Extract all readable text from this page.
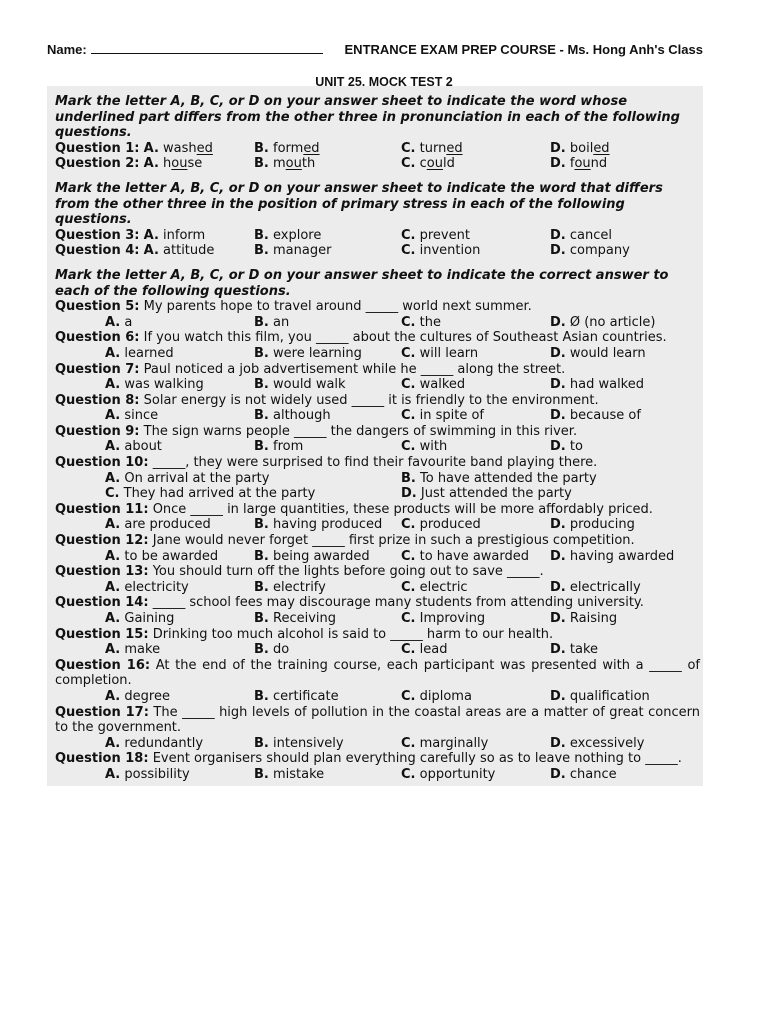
Name:	ENTRANCE EXAM PREP COURSE - Ms. Hong Anh's Class
UNIT 25. MOCK TEST 2
Mark the letter A, B, C, or D on your answer sheet to indicate the word whose underlined part differs from the other three in pronunciation in each of the following questions.
Question 1: A. washed	B. formed	C. turned	D. boiled
Question 2: A. house	B. mouth	C. could	D. found
Mark the letter A, B, C, or D on your answer sheet to indicate the word that differs from the other three in the position of primary stress in each of the following questions.
Question 3: A. inform	B. explore	C. prevent	D. cancel
Question 4: A. attitude	B. manager	C. invention	D. company
Mark the letter A, B, C, or D on your answer sheet to indicate the correct answer to each of the following questions.
Question 5: My parents hope to travel around _____ world next summer.
A. a	B. an	C. the	D. Ø (no article)
Question 6: If you watch this film, you _____ about the cultures of Southeast Asian countries.
A. learned	B. were learning	C. will learn	D. would learn
Question 7: Paul noticed a job advertisement while he _____ along the street.
A. was walking	B. would walk	C. walked	D. had walked
Question 8: Solar energy is not widely used _____ it is friendly to the environment.
A. since	B. although	C. in spite of	D. because of
Question 9: The sign warns people _____ the dangers of swimming in this river.
A. about	B. from	C. with	D. to
Question 10: _____, they were surprised to find their favourite band playing there.
A. On arrival at the party	B. To have attended the party
C. They had arrived at the party	D. Just attended the party
Question 11: Once _____ in large quantities, these products will be more affordably priced.
A. are produced	B. having produced	C. produced	D. producing
Question 12: Jane would never forget _____ first prize in such a prestigious competition.
A. to be awarded	B. being awarded	C. to have awarded	D. having awarded
Question 13: You should turn off the lights before going out to save _____.
A. electricity	B. electrify	C. electric	D. electrically
Question 14: _____ school fees may discourage many students from attending university.
A. Gaining	B. Receiving	C. Improving	D. Raising
Question 15: Drinking too much alcohol is said to _____ harm to our health.
A. make	B. do	C. lead	D. take
Question 16: At the end of the training course, each participant was presented with a _____ of completion.
A. degree	B. certificate	C. diploma	D. qualification
Question 17: The _____ high levels of pollution in the coastal areas are a matter of great concern to the government.
A. redundantly	B. intensively	C. marginally	D. excessively
Question 18: Event organisers should plan everything carefully so as to leave nothing to _____.
A. possibility	B. mistake	C. opportunity	D. chance
